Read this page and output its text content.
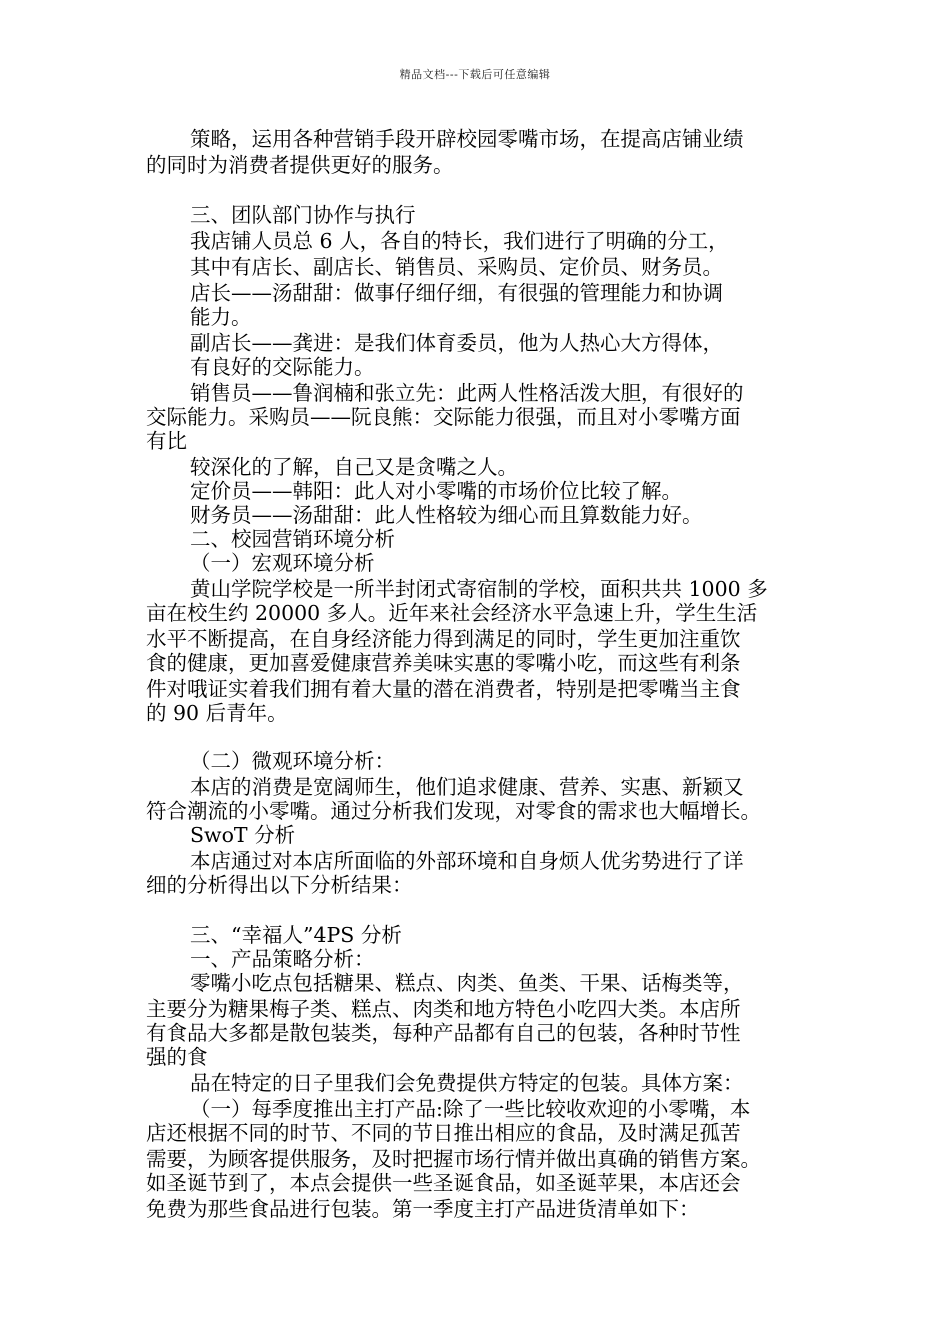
精品文档---下载后可任意编辑
策略，运用各种营销手段开辟校园零嘴市场，在提高店铺业绩
的同时为消费者提供更好的服务。
三、团队部门协作与执行
我店铺人员总 6 人，各自的特长，我们进行了明确的分工，
其中有店长、副店长、销售员、采购员、定价员、财务员。
店长——汤甜甜：做事仔细仔细，有很强的管理能力和协调
能力。
副店长——龚进：是我们体育委员，他为人热心大方得体，
有良好的交际能力。
销售员——鲁润楠和张立先：此两人性格活泼大胆，有很好的
交际能力。采购员——阮良熊：交际能力很强，而且对小零嘴方面
有比
较深化的了解，自己又是贪嘴之人。
定价员——韩阳：此人对小零嘴的市场价位比较了解。
财务员——汤甜甜：此人性格较为细心而且算数能力好。
二、校园营销环境分析
（一）宏观环境分析
黄山学院学校是一所半封闭式寄宿制的学校，面积共共 1000 多
亩在校生约 20000 多人。近年来社会经济水平急速上升，学生生活
水平不断提高，在自身经济能力得到满足的同时，学生更加注重饮
食的健康，更加喜爱健康营养美味实惠的零嘴小吃，而这些有利条
件对哦证实着我们拥有着大量的潜在消费者，特别是把零嘴当主食
的 90 后青年。
（二）微观环境分析：
本店的消费是宽阔师生，他们追求健康、营养、实惠、新颖又
符合潮流的小零嘴。通过分析我们发现，对零食的需求也大幅增长。
SwoT 分析
本店通过对本店所面临的外部环境和自身烦人优劣势进行了详
细的分析得出以下分析结果：
三、“幸福人”4PS 分析
一、产品策略分析：
零嘴小吃点包括糖果、糕点、肉类、鱼类、干果、话梅类等，
主要分为糖果梅子类、糕点、肉类和地方特色小吃四大类。本店所
有食品大多都是散包装类，每种产品都有自己的包装，各种时节性
强的食
品在特定的日子里我们会免费提供方特定的包装。具体方案：
（一）每季度推出主打产品:除了一些比较收欢迎的小零嘴，本
店还根据不同的时节、不同的节日推出相应的食品，及时满足孤苦
需要，为顾客提供服务，及时把握市场行情并做出真确的销售方案。
如圣诞节到了，本点会提供一些圣诞食品，如圣诞苹果，本店还会
免费为那些食品进行包装。第一季度主打产品进货清单如下：
